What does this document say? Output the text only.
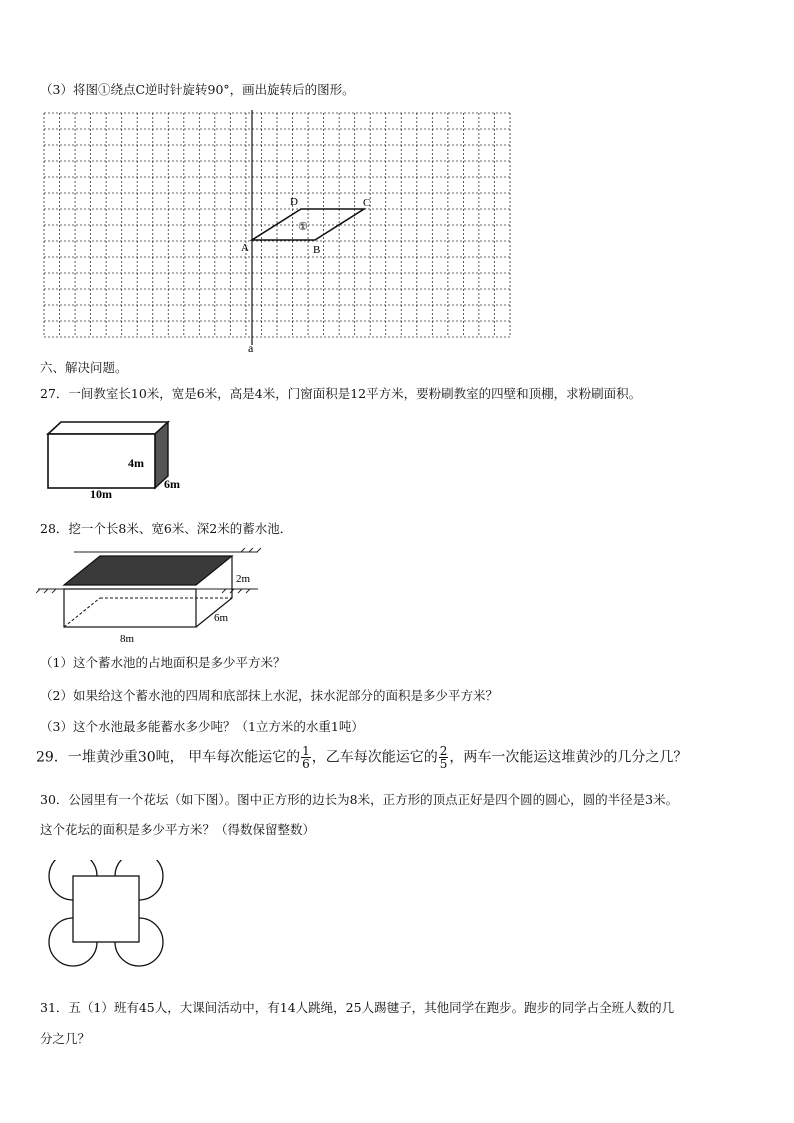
（3）将图①绕点C逆时针旋转90°，画出旋转后的图形。
A	B
C
D
①
a
六、解决问题。
27．一间教室长10米，宽是6米，高是4米，门窗面积是12平方米，要粉刷教室的四壁和顶棚，求粉刷面积。
4m
10m
6m
28．挖一个长8米、宽6米、深2米的蓄水池．
2m
6m
8m
（1）这个蓄水池的占地面积是多少平方米？
（2）如果给这个蓄水池的四周和底部抹上水泥，抹水泥部分的面积是多少平方米？
（3）这个水池最多能蓄水多少吨？（1立方米的水重1吨）
29．一堆黄沙重30吨， 甲车每次能运它的 $\frac{1}{6}$ ，乙车每次能运它的 $\frac{2}{5}$ ，两车一次能运这堆黄沙的几分之几？
30．公园里有一个花坛（如下图）。图中正方形的边长为8米，正方形的顶点正好是四个圆的圆心，圆的半径是3米。
这个花坛的面积是多少平方米？（得数保留整数）
31．五（1）班有45人，大课间活动中，有14人跳绳，25人踢毽子，其他同学在跑步。跑步的同学占全班人数的几
分之几？
